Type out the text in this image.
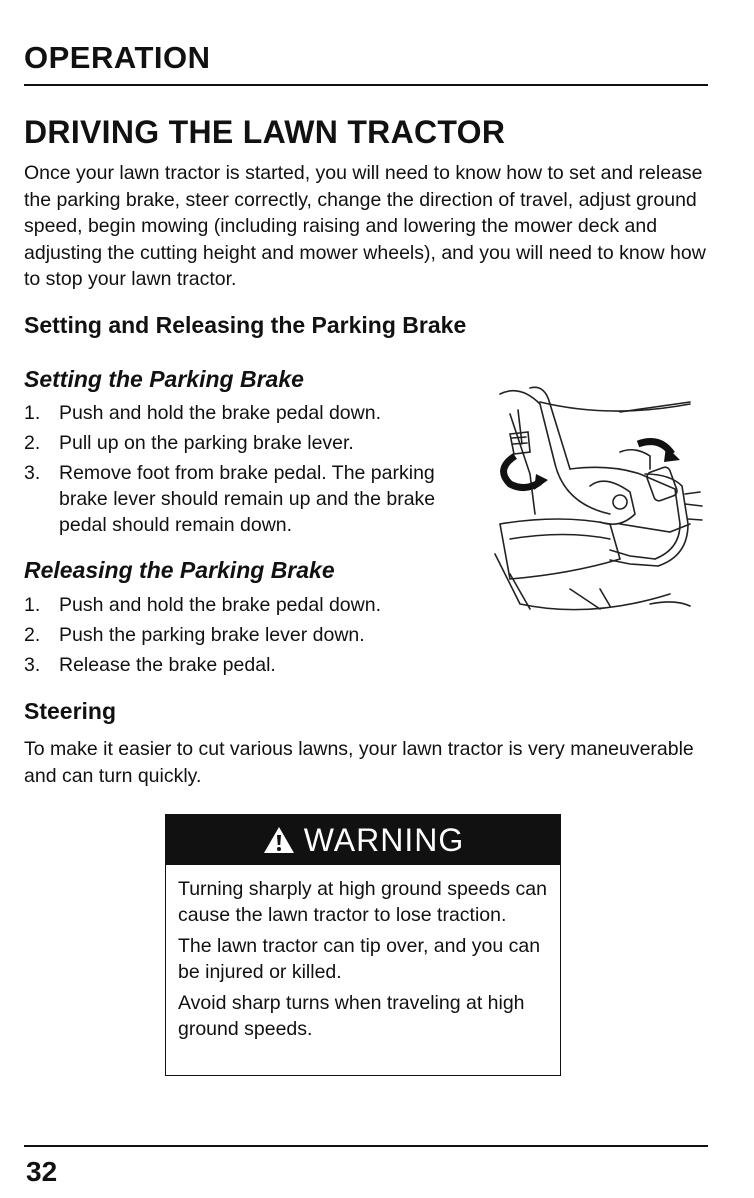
OPERATION
DRIVING THE LAWN TRACTOR

Once your lawn tractor is started, you will need to know how to set and release the parking brake, steer correctly, change the direction of travel, adjust ground speed, begin mowing (including raising and lowering the mower deck and adjusting the cutting height and mower wheels), and you will need to know how to stop your lawn tractor.

Setting and Releasing the Parking Brake
Setting the Parking Brake
1. Push and hold the brake pedal down.
2. Pull up on the parking brake lever.
3. Remove foot from brake pedal. The parking brake lever should remain up and the brake pedal should remain down.
Releasing the Parking Brake
1. Push and hold the brake pedal down.
2. Push the parking brake lever down.
3. Release the brake pedal.
Steering

To make it easier to cut various lawns, your lawn tractor is very maneuverable and can turn quickly.

WARNING

Turning sharply at high ground speeds can cause the lawn tractor to lose traction.

The lawn tractor can tip over, and you can be injured or killed.

Avoid sharp turns when traveling at high ground speeds.

32
